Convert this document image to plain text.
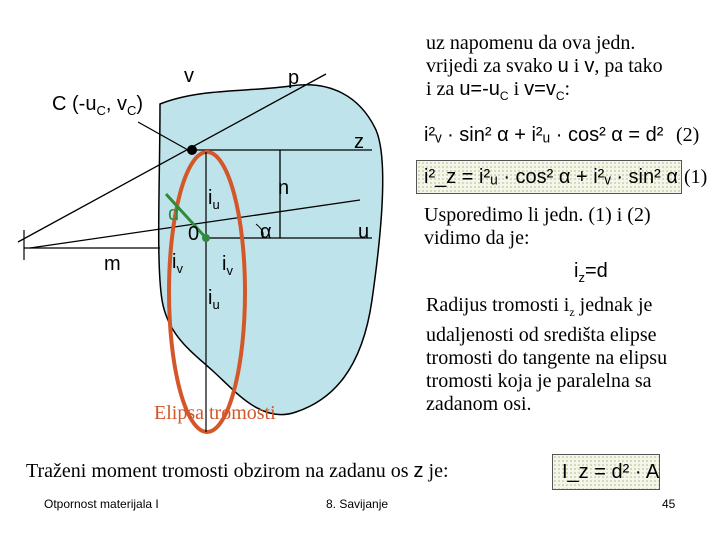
v	p
C ($-u_C$, $v_C$)
z
n
d
0
m
$i_u$
$i_v$ $i_v$
$i_u$
α	u
Elipsa tromosti
uz napomenu da ova jedn.
vrijedi za svako u i v, pa tako
i za $u=-u_C$ i $v=v_C$:
i²ᵥ · sin² α + i²ᵤ · cos² α = d² (2)
i²_z = i²ᵤ · cos² α + i²ᵥ · sin² α (1)
Usporedimo li jedn. (1) i (2)
vidimo da je:
$i_z=d$
Radijus tromosti $i_z$ jednak je
udaljenosti od središta elipse
tromosti do tangente na elipsu
tromosti koja je paralelna sa
zadanom osi.
Traženi moment tromosti obzirom na zadanu os z je:	I_z = d² · A
Otpornost materijala I	8. Savijanje	45
